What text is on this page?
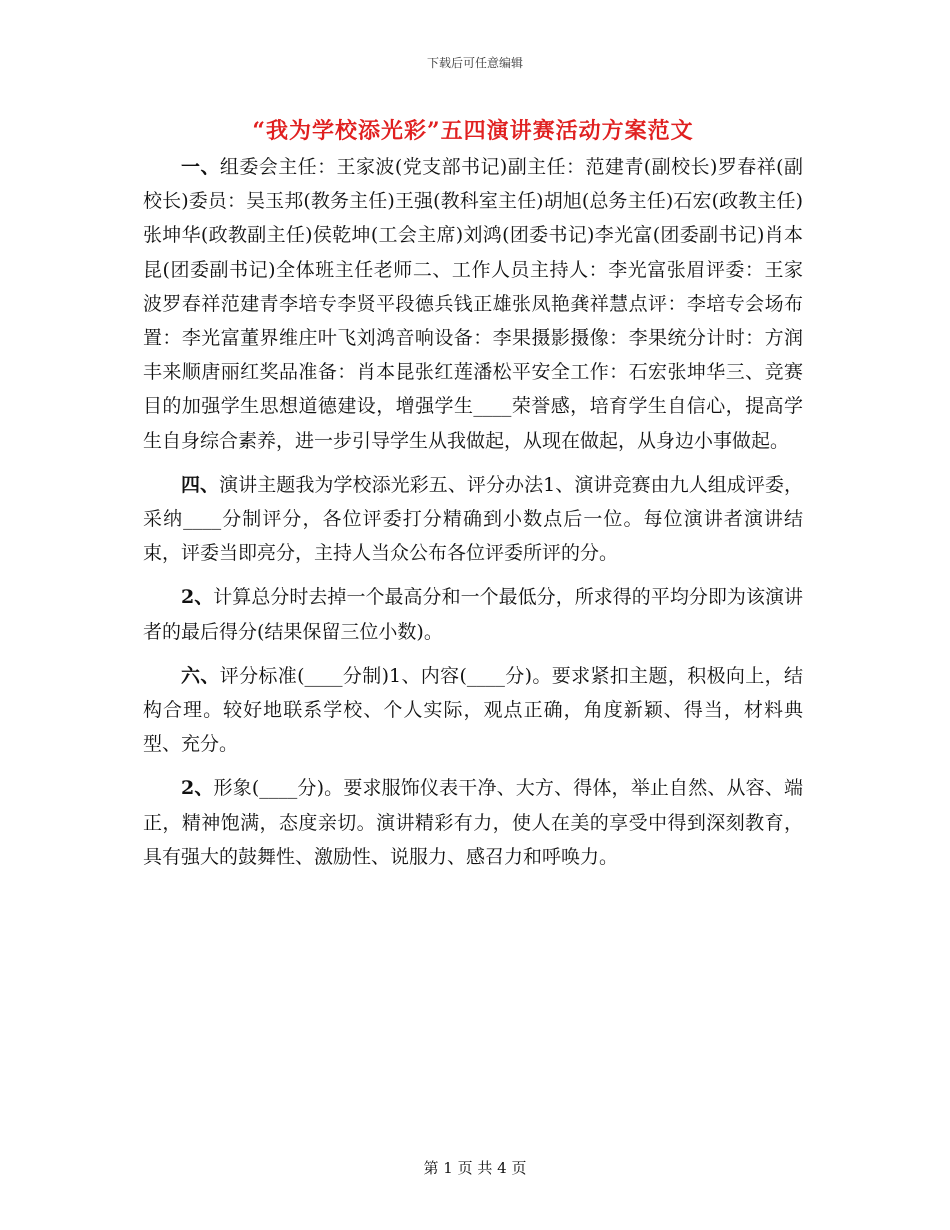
下载后可任意编辑
“我为学校添光彩”五四演讲赛活动方案范文

一、组委会主任：王家波(党支部书记)副主任：范建青(副校长)罗春祥(副校长)委员：吴玉邦(教务主任)王强(教科室主任)胡旭(总务主任)石宏(政教主任)张坤华(政教副主任)侯乾坤(工会主席)刘鸿(团委书记)李光富(团委副书记)肖本昆(团委副书记)全体班主任老师二、工作人员主持人：李光富张眉评委：王家波罗春祥范建青李培专李贤平段德兵钱正雄张凤艳龚祥慧点评：李培专会场布置：李光富董界维庄叶飞刘鸿音响设备：李果摄影摄像：李果统分计时：方润丰来顺唐丽红奖品准备：肖本昆张红莲潘松平安全工作：石宏张坤华三、竞赛目的加强学生思想道德建设，增强学生____荣誉感，培育学生自信心，提高学生自身综合素养，进一步引导学生从我做起，从现在做起，从身边小事做起。

四、演讲主题我为学校添光彩五、评分办法1、演讲竞赛由九人组成评委，采纳____分制评分，各位评委打分精确到小数点后一位。每位演讲者演讲结束，评委当即亮分，主持人当众公布各位评委所评的分。

2、计算总分时去掉一个最高分和一个最低分，所求得的平均分即为该演讲者的最后得分(结果保留三位小数)。

六、评分标准(____分制)1、内容(____分)。要求紧扣主题，积极向上，结构合理。较好地联系学校、个人实际，观点正确，角度新颖、得当，材料典型、充分。

2、形象(____分)。要求服饰仪表干净、大方、得体，举止自然、从容、端正，精神饱满，态度亲切。演讲精彩有力，使人在美的享受中得到深刻教育，具有强大的鼓舞性、激励性、说服力、感召力和呼唤力。

第 1 页 共 4 页
